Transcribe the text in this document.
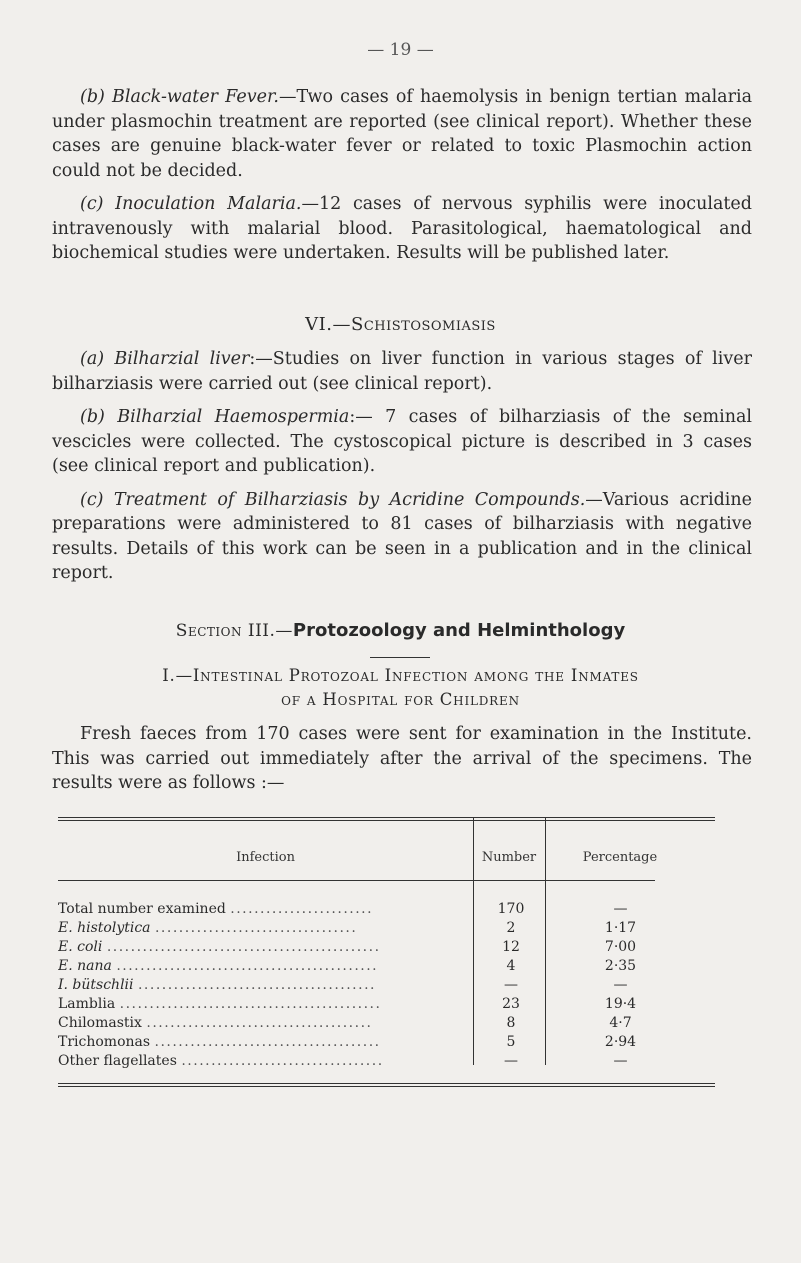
— 19 —

(b) Black-water Fever.—Two cases of haemolysis in benign tertian malaria under plasmochin treatment are reported (see clinical report). Whether these cases are genuine black-water fever or related to toxic Plasmochin action could not be decided.

(c) Inoculation Malaria.—12 cases of nervous syphilis were inoculated intravenously with malarial blood. Parasitological, haematological and biochemical studies were undertaken. Results will be published later.

VI.—Schistosomiasis

(a) Bilharzial liver:—Studies on liver function in various stages of liver bilharziasis were carried out (see clinical report).

(b) Bilharzial Haemospermia:— 7 cases of bilharziasis of the seminal vescicles were collected. The cystoscopical picture is described in 3 cases (see clinical report and publication).

(c) Treatment of Bilharziasis by Acridine Compounds.—Various acridine preparations were administered to 81 cases of bilharziasis with negative results. Details of this work can be seen in a publication and in the clinical report.

Section III.—Protozoology and Helminthology
I.—Intestinal Protozoal Infection among the Inmates
of a Hospital for Children

Fresh faeces from 170 cases were sent for examination in the Institute. This was carried out immediately after the arrival of the specimens. The results were as follows :—

Infection	Number	Percentage
Total number examined ........................	170	—
E. histolytica ..................................	2	1·17
E. coli ..............................................	12	7·00
E. nana ............................................	4	2·35
I. bütschlii ........................................	—	—
Lamblia ............................................	23	19·4
Chilomastix ......................................	8	4·7
Trichomonas ......................................	5	2·94
Other flagellates ..................................	—	—
